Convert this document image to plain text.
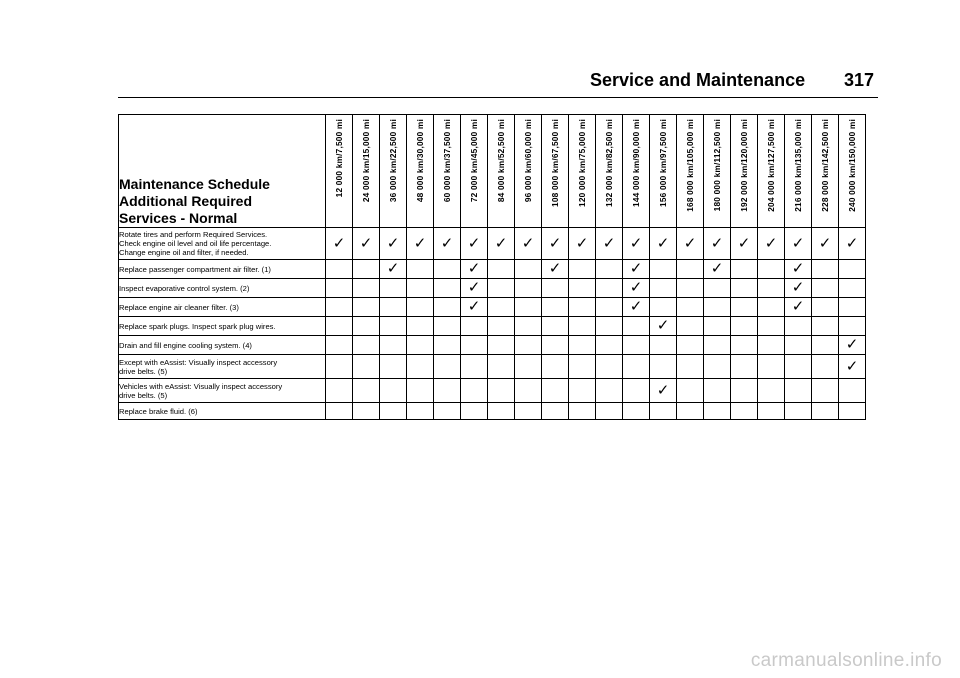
Service and Maintenance 317
Maintenance Schedule
Additional Required
Services - Normal	12 000 km/7,500 mi	24 000 km/15,000 mi	36 000 km/22,500 mi	48 000 km/30,000 mi	60 000 km/37,500 mi	72 000 km/45,000 mi	84 000 km/52,500 mi	96 000 km/60,000 mi	108 000 km/67,500 mi	120 000 km/75,000 mi	132 000 km/82,500 mi	144 000 km/90,000 mi	156 000 km/97,500 mi	168 000 km/105,000 mi	180 000 km/112,500 mi	192 000 km/120,000 mi	204 000 km/127,500 mi	216 000 km/135,000 mi	228 000 km/142,500 mi	240 000 km/150,000 mi

Rotate tires and perform Required Services.
Check engine oil level and oil life percentage.
Change engine oil and filter, if needed.	✓	✓	✓	✓	✓	✓	✓	✓	✓	✓	✓	✓	✓	✓	✓	✓	✓	✓	✓	✓

Replace passenger compartment air filter. (1)			✓			✓			✓			✓			✓			✓		

Inspect evaporative control system. (2)						✓						✓						✓		

Replace engine air cleaner filter. (3)						✓						✓						✓		

Replace spark plugs. Inspect spark plug wires.													✓							

Drain and fill engine cooling system. (4)																				✓

Except with eAssist: Visually inspect accessory
drive belts. (5)																				✓

Vehicles with eAssist: Visually inspect accessory
drive belts. (5)													✓							

Replace brake fluid. (6)																				

carmanualsonline.info
